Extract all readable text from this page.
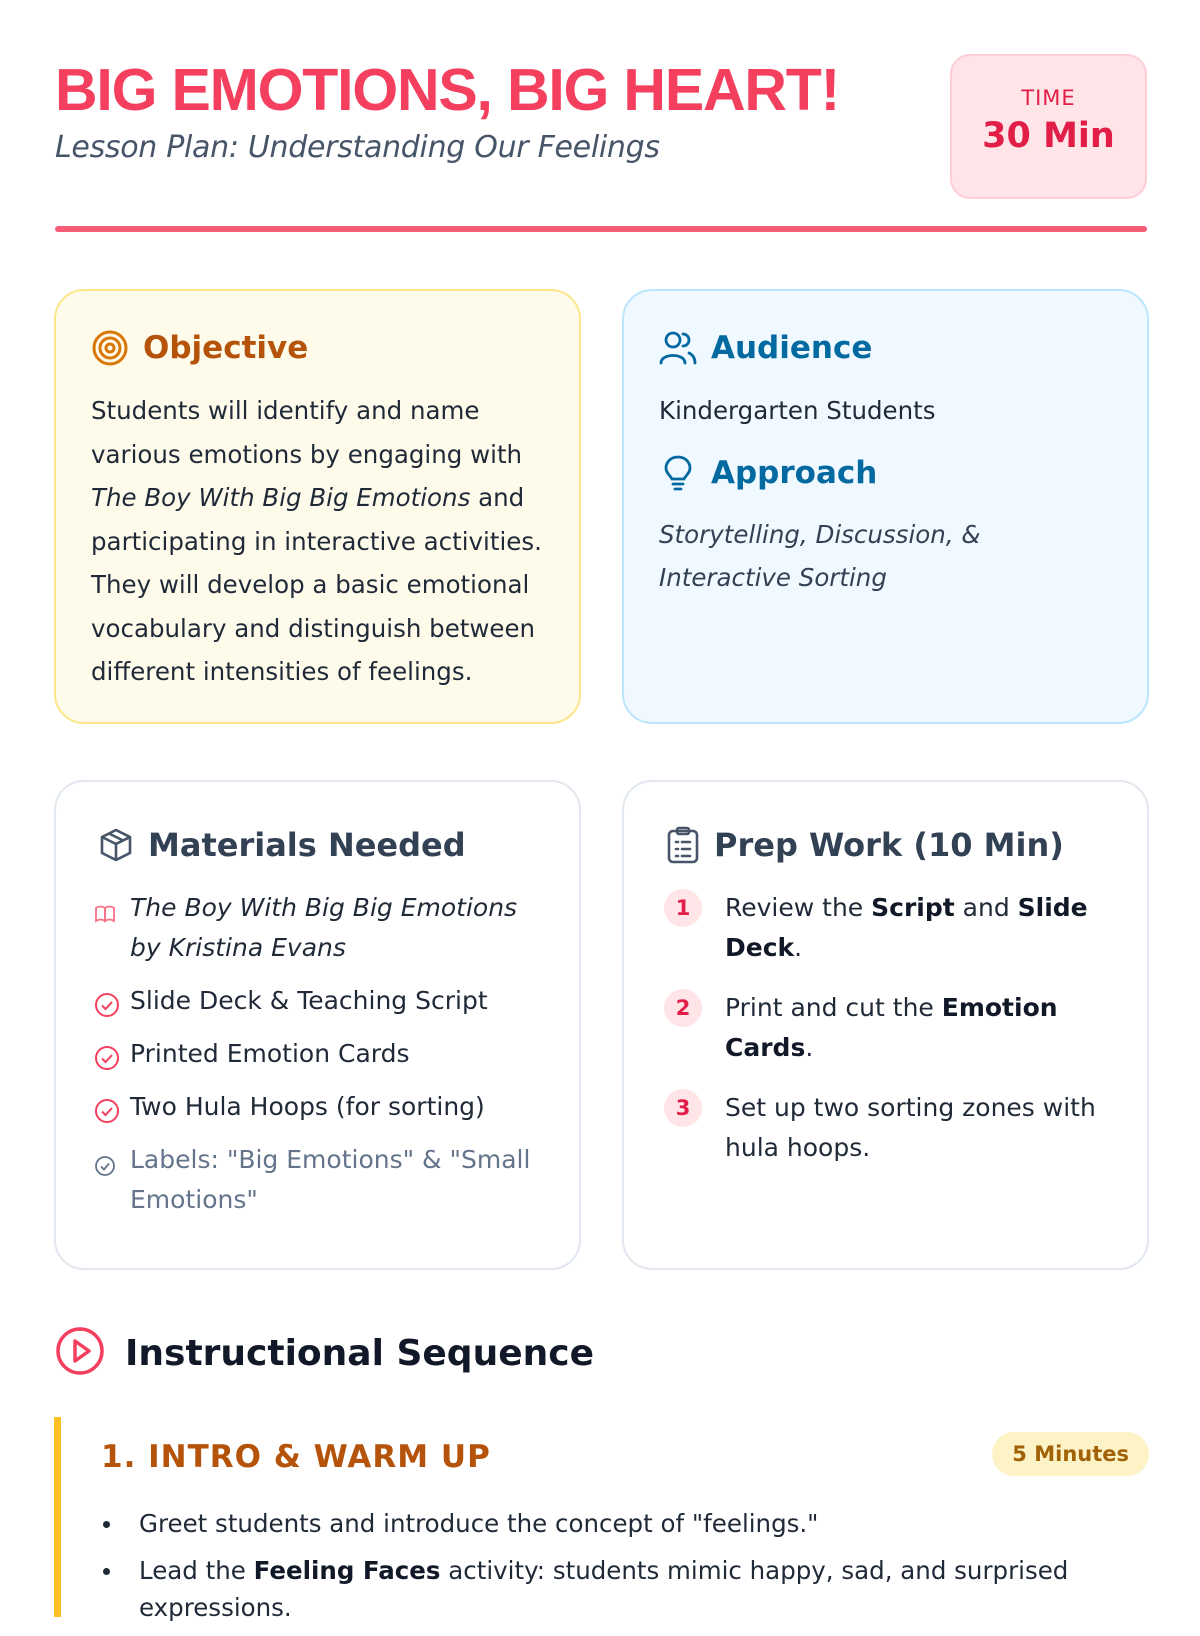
BIG EMOTIONS, BIG HEART!
Lesson Plan: Understanding Our Feelings
TIME
30 Min
Objective
Students will identify and name various emotions by engaging with The Boy With Big Big Emotions and participating in interactive activities. They will develop a basic emotional vocabulary and distinguish between different intensities of feelings.
Audience
Kindergarten Students
Approach
Storytelling, Discussion, & Interactive Sorting
Materials Needed
The Boy With Big Big Emotions by Kristina Evans
Slide Deck & Teaching Script
Printed Emotion Cards
Two Hula Hoops (for sorting)
Labels: "Big Emotions" & "Small Emotions"
Prep Work (10 Min)
1	Review the Script and Slide Deck.
2	Print and cut the Emotion Cards.
3	Set up two sorting zones with hula hoops.
Instructional Sequence
1. INTRO & WARM UP	5 Minutes
Greet students and introduce the concept of "feelings."
Lead the Feeling Faces activity: students mimic happy, sad, and surprised expressions.
